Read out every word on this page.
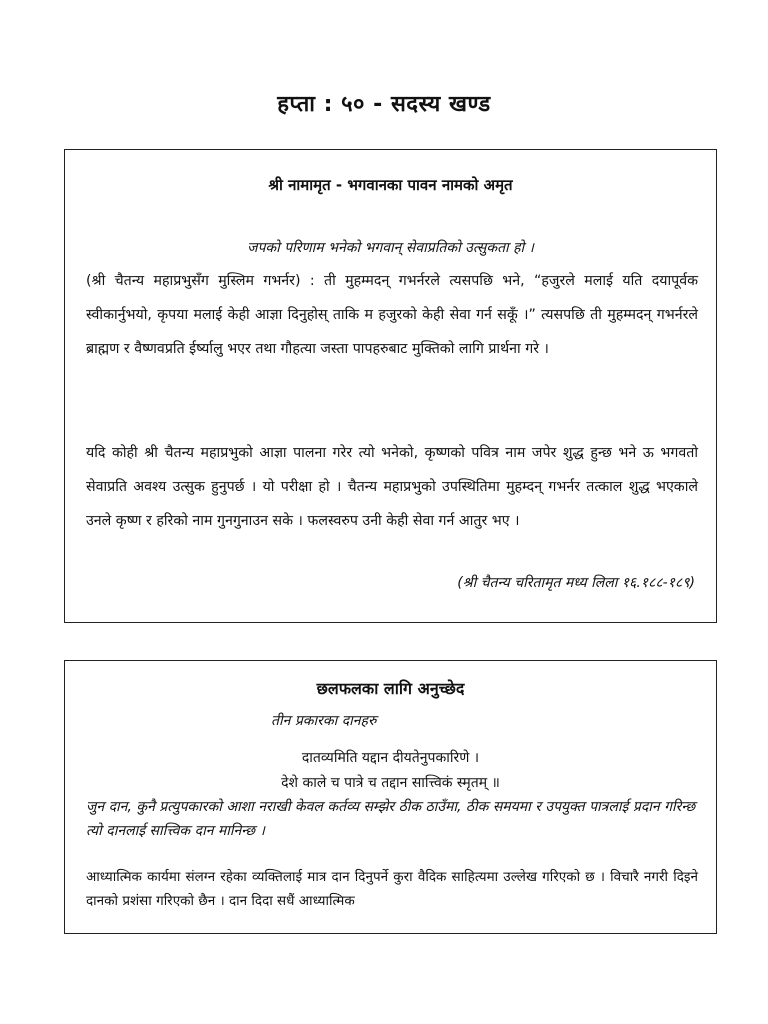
हप्ता : ५० - सदस्य खण्ड
श्री नामामृत - भगवानका पावन नामको अमृत
जपको परिणाम भनेको भगवान् सेवाप्रतिको उत्सुकता हो ।
(श्री चैतन्य महाप्रभुसँग मुस्लिम गभर्नर) : ती मुहम्मदन् गभर्नरले त्यसपछि भने, “हजुरले मलाई यति दयापूर्वक स्वीकार्नुभयो, कृपया मलाई केही आज्ञा दिनुहोस् ताकि म हजुरको केही सेवा गर्न सकूँ ।” त्यसपछि ती मुहम्मदन् गभर्नरले ब्राह्मण र वैष्णवप्रति ईर्ष्यालु भएर तथा गौहत्या जस्ता पापहरुबाट मुक्तिको लागि प्रार्थना गरे ।
यदि कोही श्री चैतन्य महाप्रभुको आज्ञा पालना गरेर त्यो भनेको, कृष्णको पवित्र नाम जपेर शुद्ध हुन्छ भने ऊ भगवतो सेवाप्रति अवश्य उत्सुक हुनुपर्छ । यो परीक्षा हो । चैतन्य महाप्रभुको उपस्थितिमा मुहम्दन् गभर्नर तत्काल शुद्ध भएकाले उनले कृष्ण र हरिको नाम गुनगुनाउन सके । फलस्वरुप उनी केही सेवा गर्न आतुर भए ।
(श्री चैतन्य चरितामृत मध्य लिला १६.१८८-१८९)
छलफलका लागि अनुच्छेद
तीन प्रकारका दानहरु
दातव्यमिति यद्दान दीयतेनुपकारिणे ।
देशे काले च पात्रे च तद्दान सात्त्विकं स्मृतम् ॥
जुन दान, कुनै प्रत्युपकारको आशा नराखी केवल कर्तव्य सम्झेर ठीक ठाउँमा, ठीक समयमा र उपयुक्त पात्रलाई प्रदान गरिन्छ त्यो दानलाई सात्त्विक दान मानिन्छ ।
आध्यात्मिक कार्यमा संलग्न रहेका व्यक्तिलाई मात्र दान दिनुपर्ने कुरा वैदिक साहित्यमा उल्लेख गरिएको छ । विचारै नगरी दिइने दानको प्रशंसा गरिएको छैन । दान दिदा सधैं आध्यात्मिक
